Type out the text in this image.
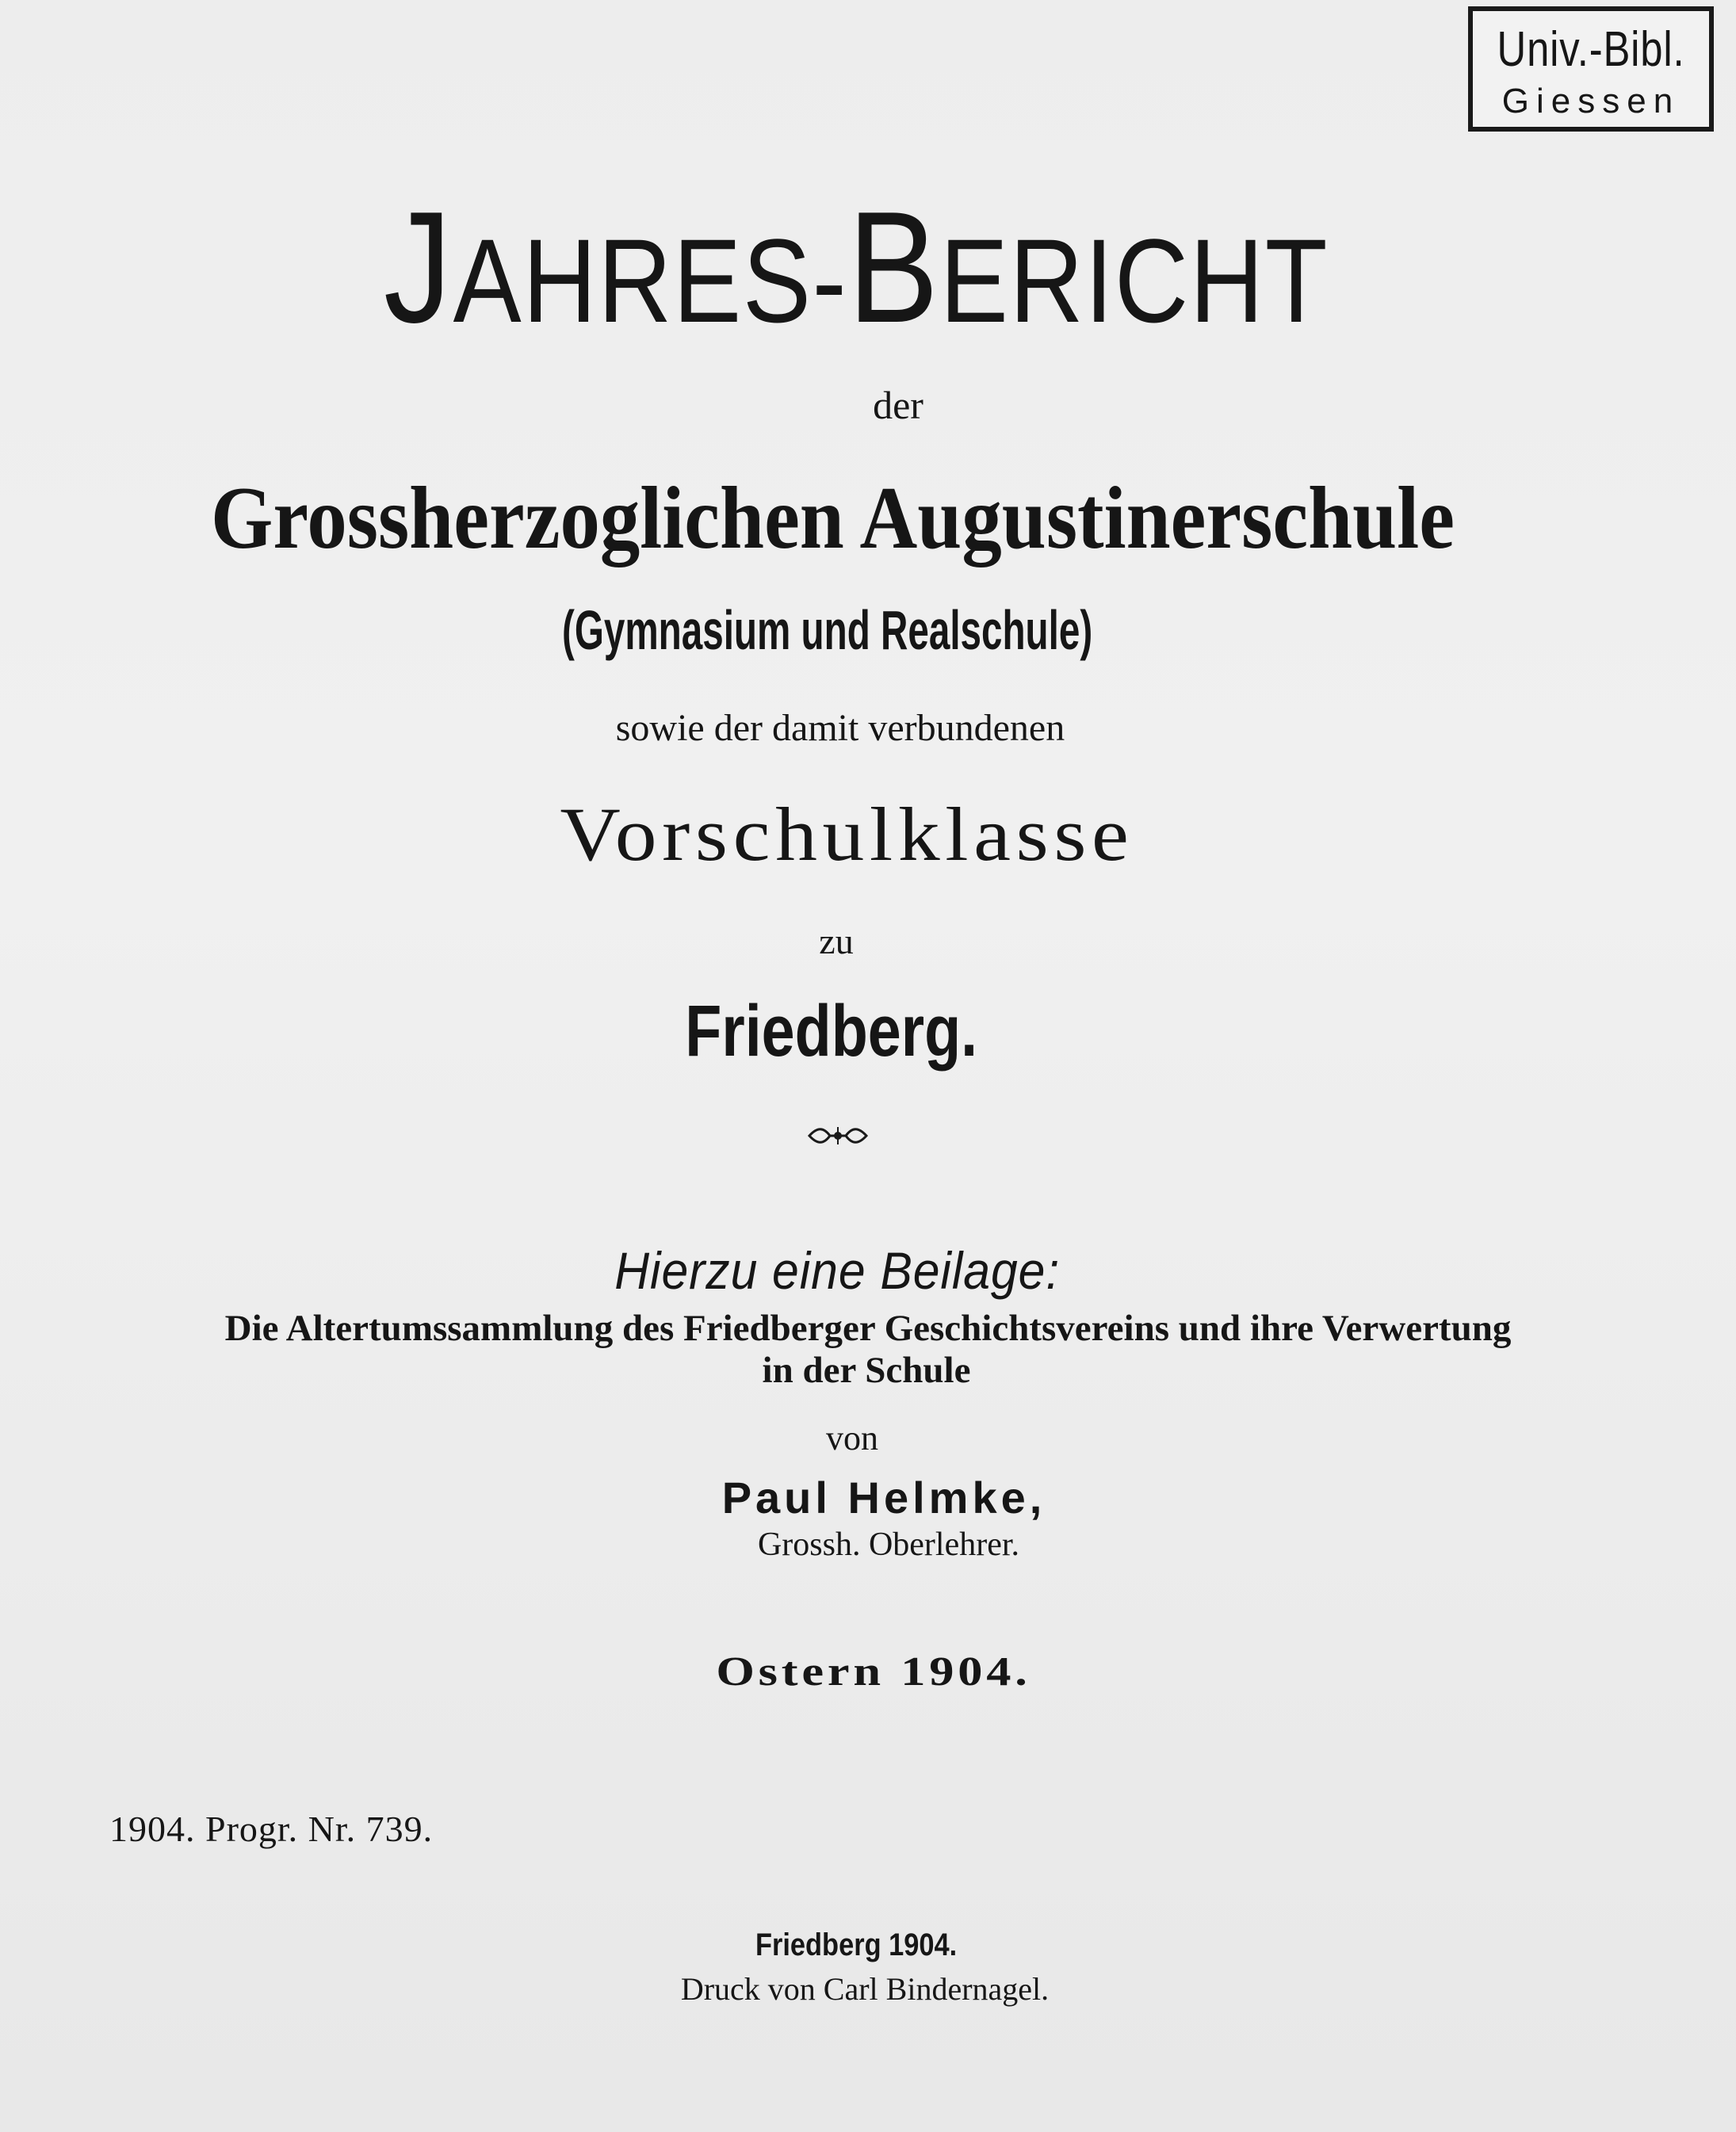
Univ.-Bibl.
Giessen
JAHRES-BERICHT
der
Grossherzoglichen Augustinerschule
(Gymnasium und Realschule)
sowie der damit verbundenen
Vorschulklasse
zu
Friedberg.
Hierzu eine Beilage:
Die Altertumssammlung des Friedberger Geschichtsvereins und ihre Verwertung
in der Schule
von
Paul Helmke,
Grossh. Oberlehrer.
Ostern 1904.
1904. Progr. Nr. 739.
Friedberg 1904.
Druck von Carl Bindernagel.
